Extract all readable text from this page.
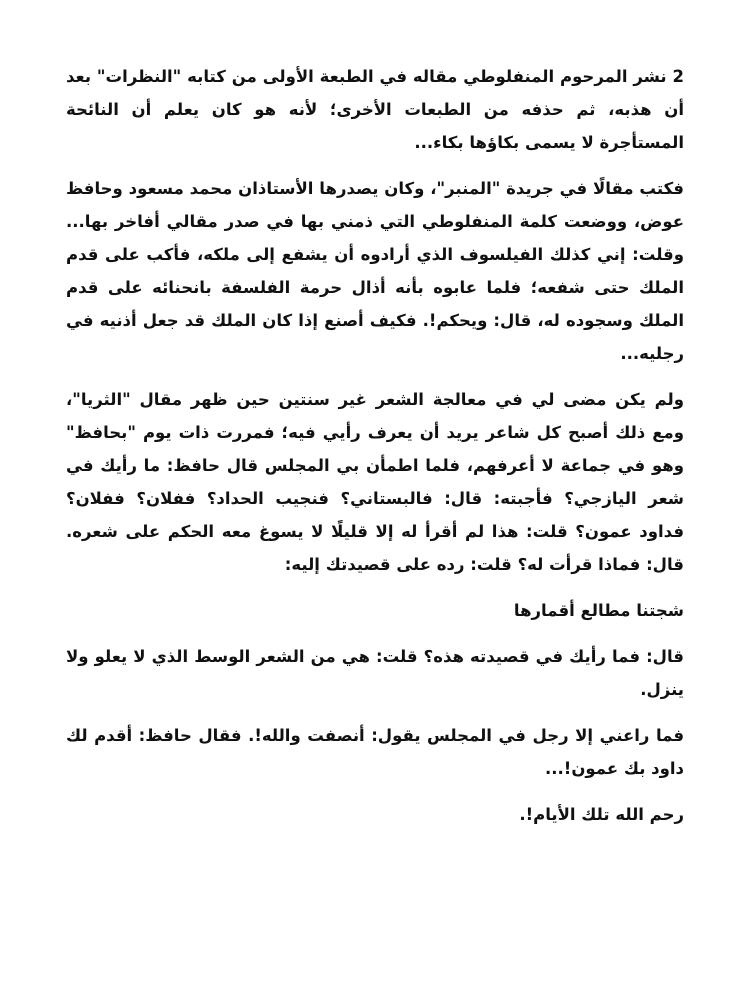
2 نشر المرحوم المنفلوطي مقاله في الطبعة الأولى من كتابه "النظرات" بعد أن هذبه، ثم حذفه من الطبعات الأخرى؛ لأنه هو كان يعلم أن النائحة المستأجرة لا يسمى بكاؤها بكاء...

فكتب مقالًا في جريدة "المنبر"، وكان يصدرها الأستاذان محمد مسعود وحافظ عوض، ووضعت كلمة المنفلوطي التي ذمني بها في صدر مقالي أفاخر بها... وقلت: إني كذلك الفيلسوف الذي أرادوه أن يشفع إلى ملكه، فأكب على قدم الملك حتى شفعه؛ فلما عابوه بأنه أذال حرمة الفلسفة بانحنائه على قدم الملك وسجوده له، قال: ويحكم!. فكيف أصنع إذا كان الملك قد جعل أذنيه في رجليه...

ولم يكن مضى لي في معالجة الشعر غير سنتين حين ظهر مقال "الثريا"، ومع ذلك أصبح كل شاعر يريد أن يعرف رأيي فيه؛ فمررت ذات يوم "بحافظ" وهو في جماعة لا أعرفهم، فلما اطمأن بي المجلس قال حافظ: ما رأيك في شعر اليازجي؟ فأجبته: قال: فالبستاني؟ فنجيب الحداد؟ ففلان؟ ففلان؟ فداود عمون؟ قلت: هذا لم أقرأ له إلا قليلًا لا يسوغ معه الحكم على شعره. قال: فماذا قرأت له؟ قلت: رده على قصيدتك إليه:

شجتنا مطالع أقمارها

قال: فما رأيك في قصيدته هذه؟ قلت: هي من الشعر الوسط الذي لا يعلو ولا ينزل.

فما راعني إلا رجل في المجلس يقول: أنصفت والله!. فقال حافظ: أقدم لك داود بك عمون!...

رحم الله تلك الأيام!.
